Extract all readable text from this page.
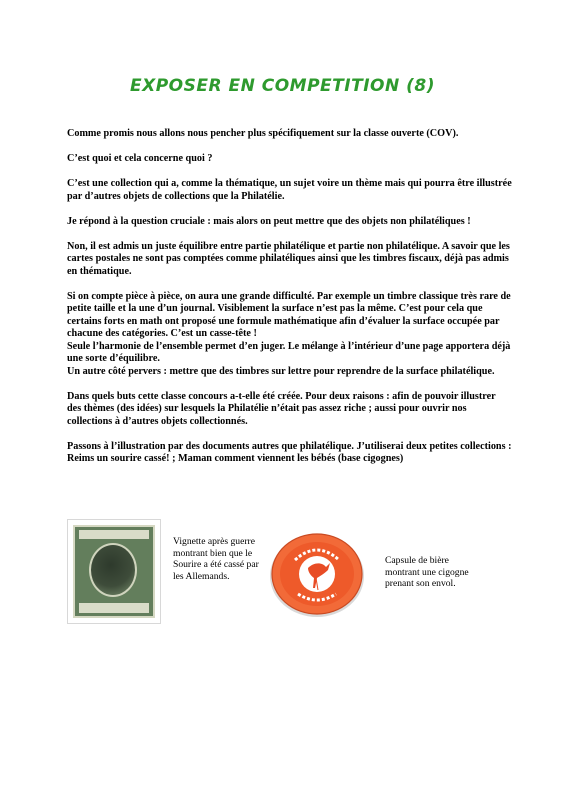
EXPOSER EN COMPETITION (8)

Comme promis nous allons nous pencher plus spécifiquement sur la classe ouverte (COV).

C’est quoi et cela concerne quoi ?

C’est une collection qui a, comme la thématique, un sujet voire un thème mais qui pourra être illustrée par d’autres objets de collections que la Philatélie.

Je répond à la question cruciale : mais alors on peut mettre que des objets non philatéliques !

Non, il est admis un juste équilibre entre partie philatélique et partie non philatélique. A savoir que les cartes postales ne sont pas comptées comme philatéliques ainsi que les timbres fiscaux, déjà pas admis en thématique.

Si on compte pièce à pièce, on aura une grande difficulté. Par exemple un timbre classique très rare de petite taille et la une d’un journal. Visiblement la surface n’est pas la même. C’est pour cela que certains forts en math ont proposé une formule mathématique afin d’évaluer la surface occupée par chacune des catégories. C’est un casse-tête !

Seule l’harmonie de l’ensemble permet d’en juger. Le mélange à l’intérieur d’une page apportera déjà une sorte d’équilibre.

Un autre côté pervers : mettre que des timbres sur lettre pour reprendre de la surface philatélique.

Dans quels buts cette classe concours a-t-elle été créée. Pour deux raisons : afin de pouvoir illustrer des thèmes (des idées) sur lesquels la Philatélie n’était pas assez riche ; aussi pour ouvrir nos collections à d’autres objets collectionnés.

Passons à l’illustration par des documents autres que philatélique. J’utiliserai deux petites collections : Reims un sourire cassé! ; Maman comment viennent les bébés (base cigognes)

Vignette après guerre montrant bien que le Sourire a été cassé par les Allemands.
Capsule de bière montrant une cigogne prenant son envol.
